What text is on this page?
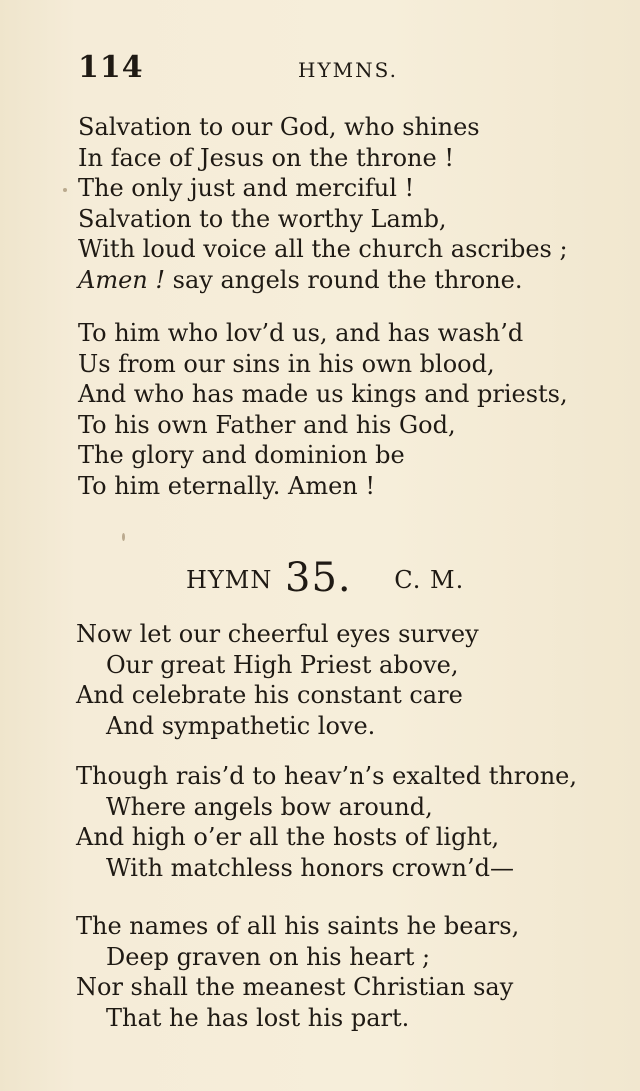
114	HYMNS.
Salvation to our God, who shines
In face of Jesus on the throne !
The only just and merciful !
Salvation to the worthy Lamb,
With loud voice all the church ascribes ;
Amen ! say angels round the throne.
To him who lov’d us, and has wash’d
Us from our sins in his own blood,
And who has made us kings and priests,
To his own Father and his God,
The glory and dominion be
To him eternally. Amen !
HYMN 35. C. M.
Now let our cheerful eyes survey
Our great High Priest above,
And celebrate his constant care
And sympathetic love.
Though rais’d to heav’n’s exalted throne,
Where angels bow around,
And high o’er all the hosts of light,
With matchless honors crown’d—
The names of all his saints he bears,
Deep graven on his heart ;
Nor shall the meanest Christian say
That he has lost his part.
